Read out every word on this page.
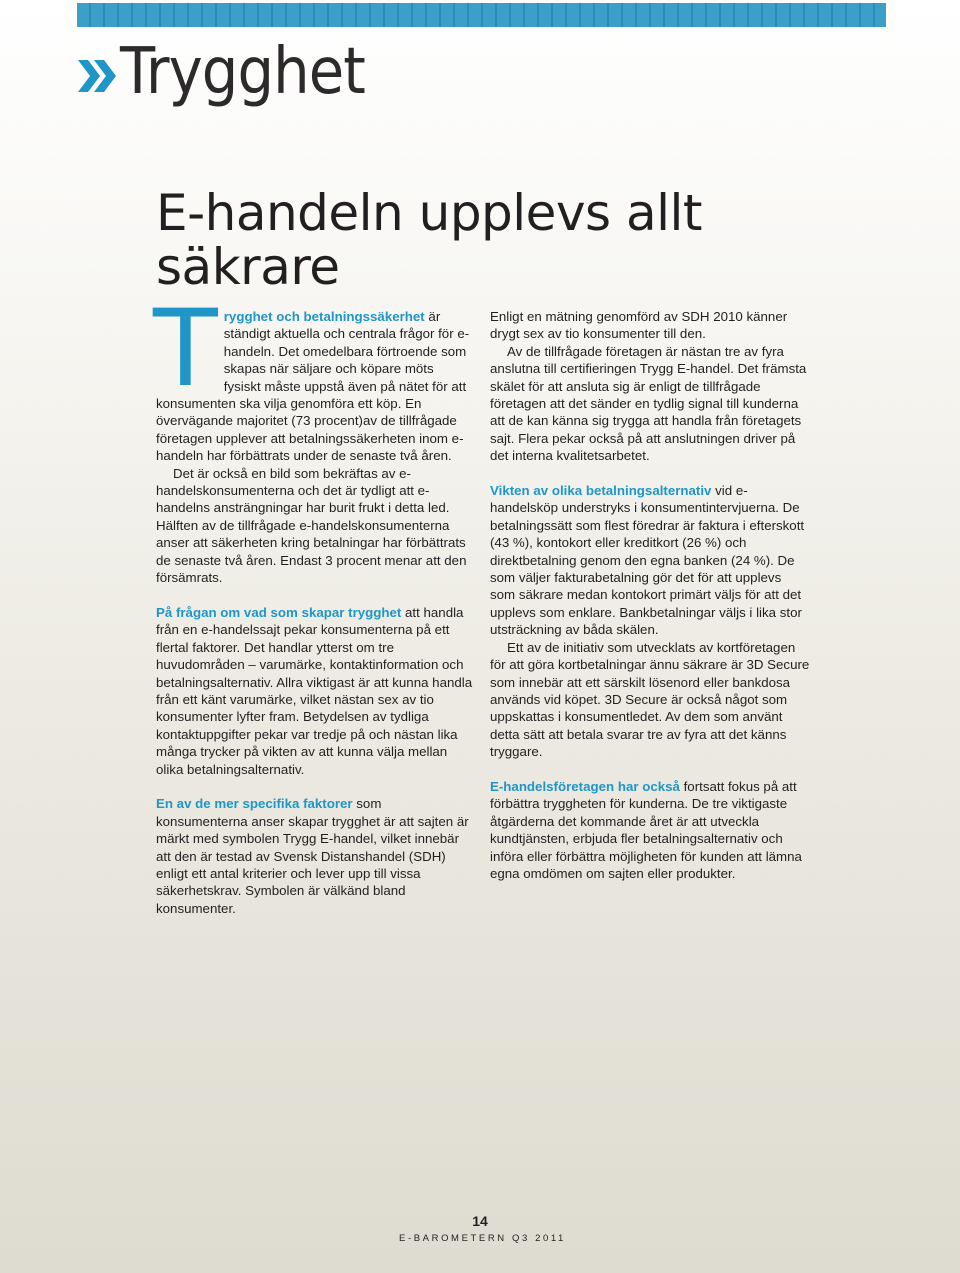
Trygghet
E-handeln upplevs allt säkrare

Trygghet och betalningssäkerhet är ständigt aktuella och centrala frågor för e-handeln. Det omedelbara förtroende som skapas när säljare och köpare möts fysiskt måste uppstå även på nätet för att konsumenten ska vilja genomföra ett köp. En övervägande majoritet (73 procent)av de tillfrågade företagen upplever att betalningssäkerheten inom e-handeln har förbättrats under de senaste två åren.

Det är också en bild som bekräftas av e-handelskonsumenterna och det är tydligt att e-handelns ansträngningar har burit frukt i detta led. Hälften av de tillfrågade e-handelskonsumenterna anser att säkerheten kring betalningar har förbättrats de senaste två åren. Endast 3 procent menar att den försämrats.

På frågan om vad som skapar trygghet att handla från en e-handelssajt pekar konsumenterna på ett flertal faktorer. Det handlar ytterst om tre huvudområden – varumärke, kontaktinformation och betalningsalternativ. Allra viktigast är att kunna handla från ett känt varumärke, vilket nästan sex av tio konsumenter lyfter fram. Betydelsen av tydliga kontaktuppgifter pekar var tredje på och nästan lika många trycker på vikten av att kunna välja mellan olika betalningsalternativ.

En av de mer specifika faktorer som konsumenterna anser skapar trygghet är att sajten är märkt med symbolen Trygg E-handel, vilket innebär att den är testad av Svensk Distanshandel (SDH) enligt ett antal kriterier och lever upp till vissa säkerhetskrav. Symbolen är välkänd bland konsumenter.

Enligt en mätning genomförd av SDH 2010 känner drygt sex av tio konsumenter till den.

Av de tillfrågade företagen är nästan tre av fyra anslutna till certifieringen Trygg E-handel. Det främsta skälet för att ansluta sig är enligt de tillfrågade företagen att det sänder en tydlig signal till kunderna att de kan känna sig trygga att handla från företagets sajt. Flera pekar också på att anslutningen driver på det interna kvalitetsarbetet.

Vikten av olika betalningsalternativ vid e-handelsköp understryks i konsumentintervjuerna. De betalningssätt som flest föredrar är faktura i efterskott (43 %), kontokort eller kreditkort (26 %) och direktbetalning genom den egna banken (24 %). De som väljer fakturabetalning gör det för att upplevs som säkrare medan kontokort primärt väljs för att det upplevs som enklare. Bankbetalningar väljs i lika stor utsträckning av båda skälen.

Ett av de initiativ som utvecklats av kortföretagen för att göra kortbetalningar ännu säkrare är 3D Secure som innebär att ett särskilt lösenord eller bankdosa används vid köpet. 3D Secure är också något som uppskattas i konsumentledet. Av dem som använt detta sätt att betala svarar tre av fyra att det känns tryggare.

E-handelsföretagen har också fortsatt fokus på att förbättra tryggheten för kunderna. De tre viktigaste åtgärderna det kommande året är att utveckla kundtjänsten, erbjuda fler betalningsalternativ och införa eller förbättra möjligheten för kunden att lämna egna omdömen om sajten eller produkter.

14
E-BAROMETERN Q3 2011
